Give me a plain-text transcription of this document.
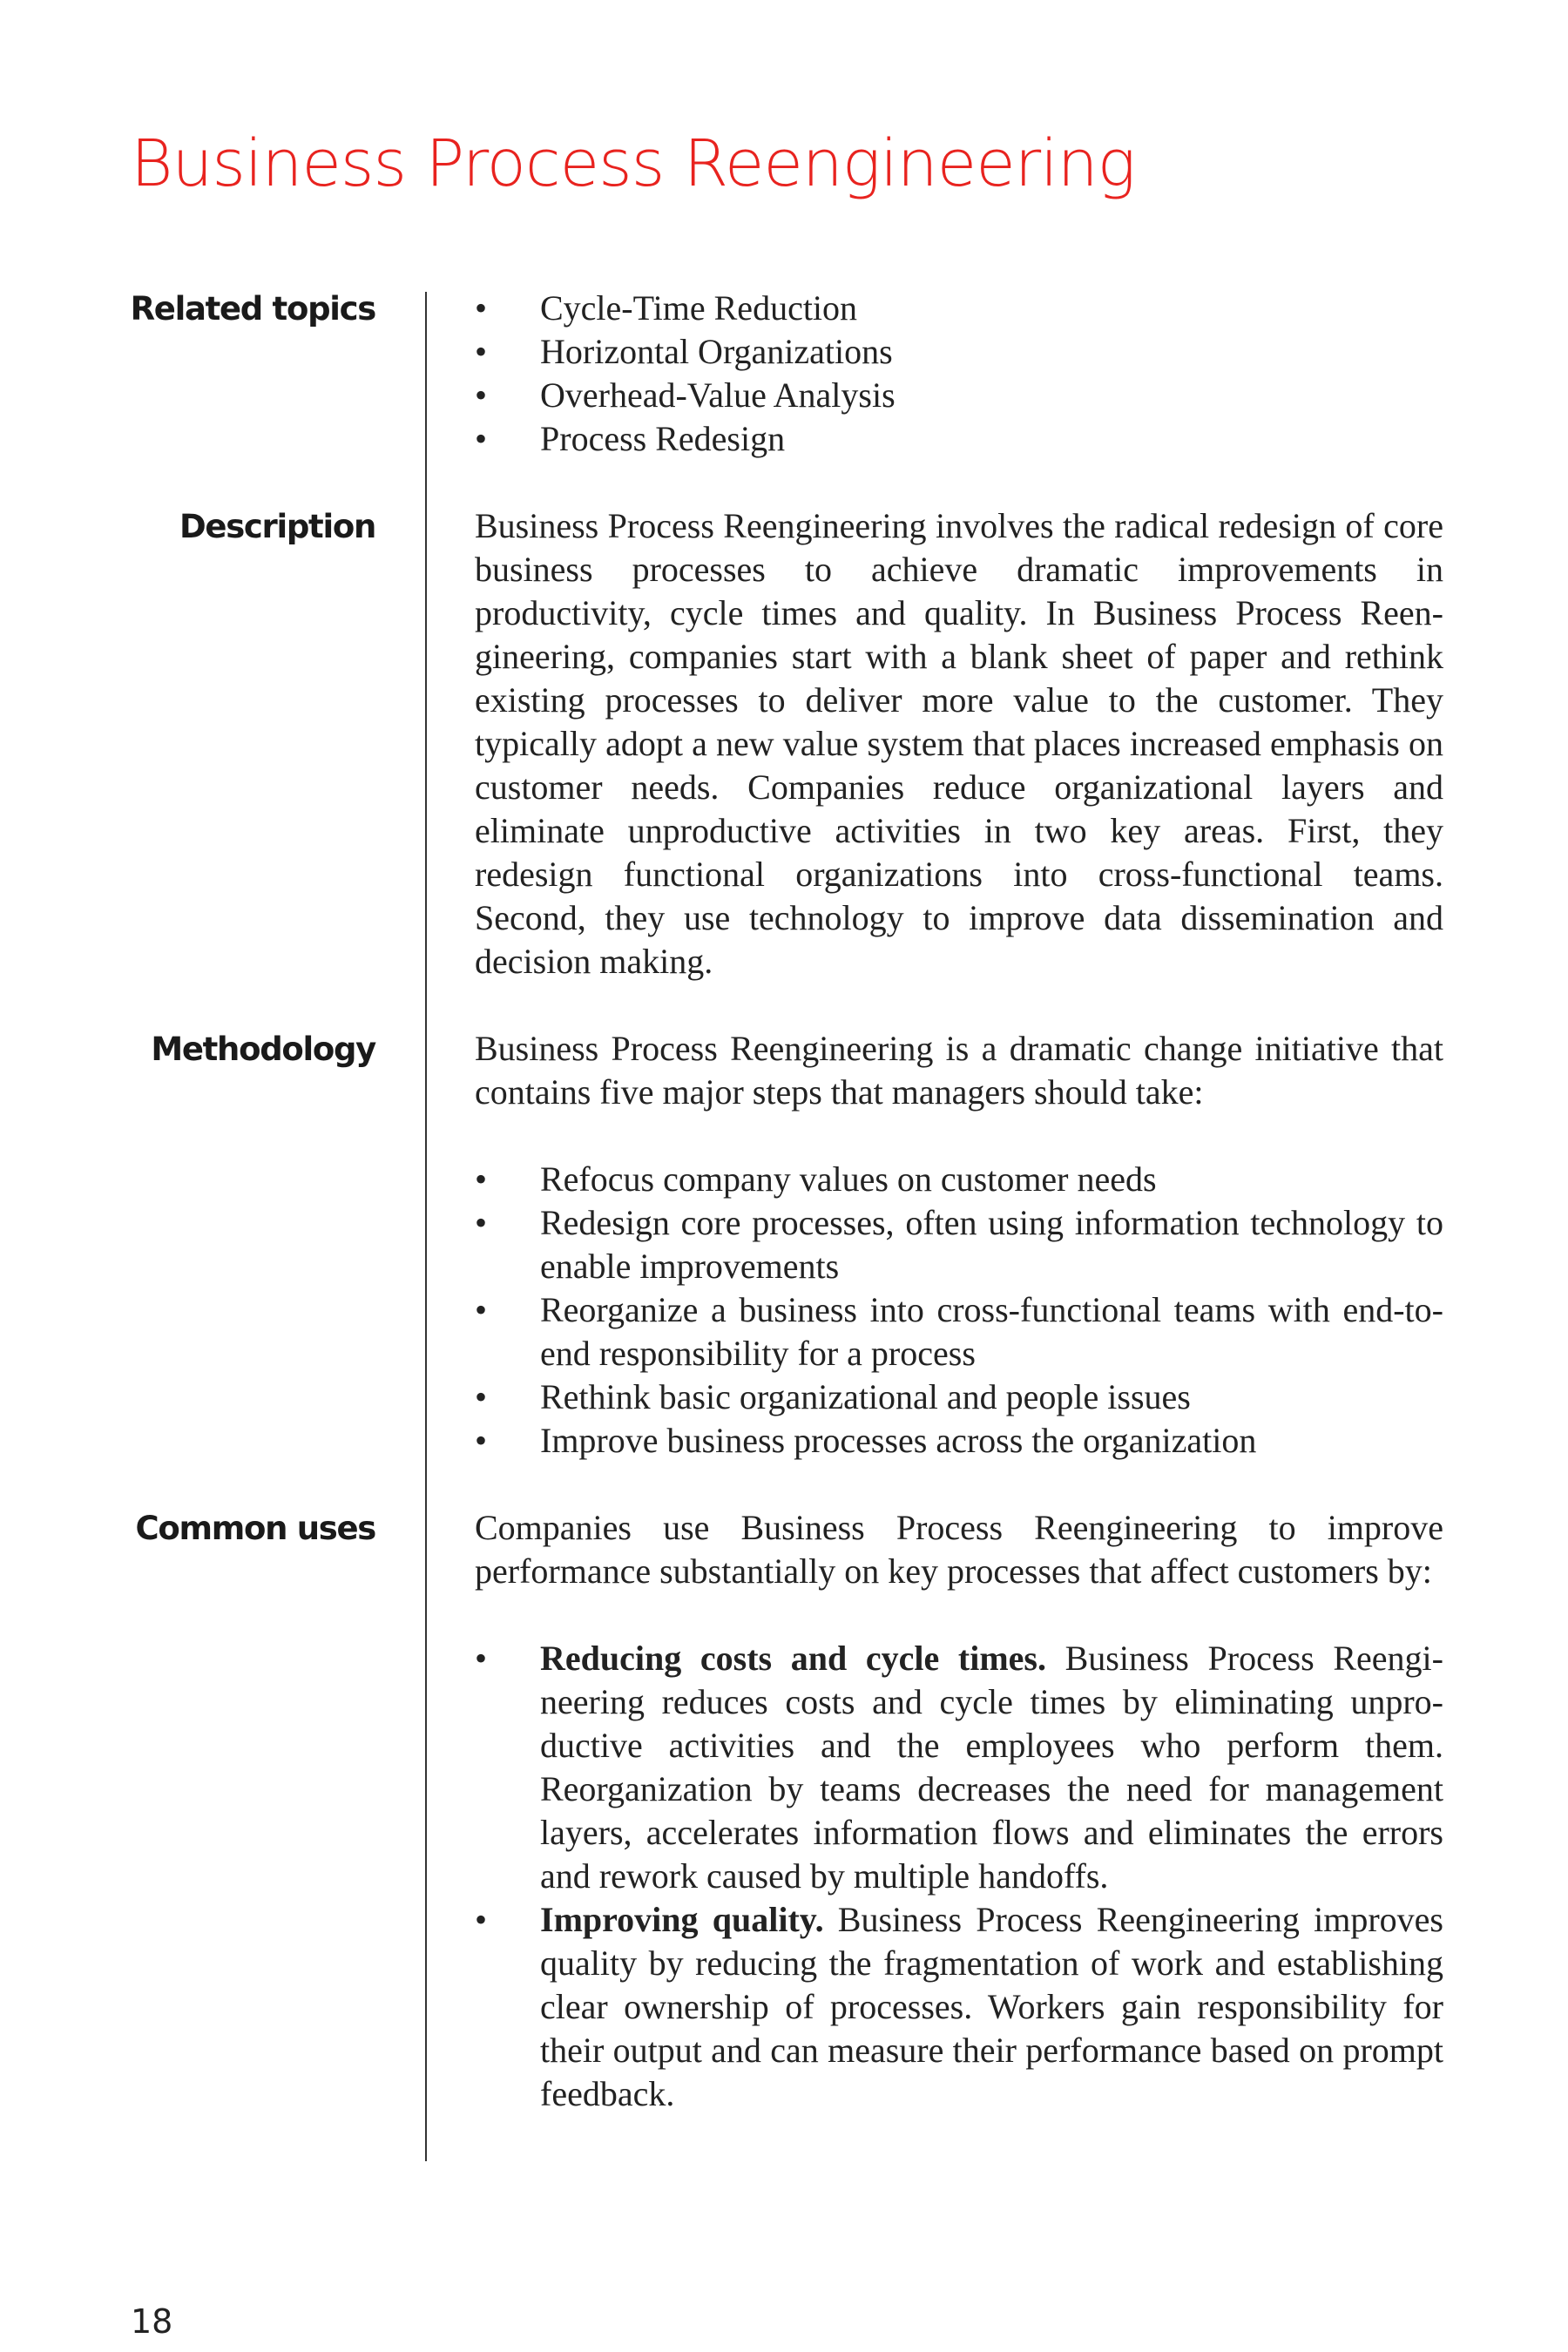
Business Process Reengineering

Related topics	•	Cycle-Time Reduction
•	Horizontal Organizations
•	Overhead-Value Analysis
•	Process Redesign

Description	Business Process Reengineering involves the radical redesign of core business processes to achieve dramatic improvements in productivity, cycle times and quality. In Business Process Reengineering, companies start with a blank sheet of paper and rethink existing processes to deliver more value to the customer. They typically adopt a new value system that places increased emphasis on customer needs. Companies reduce organizational layers and eliminate unproductive activities in two key areas. First, they redesign functional organizations into cross-functional teams. Second, they use technology to improve data dissemination and decision making.

Methodology	Business Process Reengineering is a dramatic change initiative that contains five major steps that managers should take:

•	Refocus company values on customer needs
•	Redesign core processes, often using information technology to enable improvements
•	Reorganize a business into cross-functional teams with end-to-end responsibility for a process
•	Rethink basic organizational and people issues
•	Improve business processes across the organization

Common uses	Companies use Business Process Reengineering to improve performance substantially on key processes that affect customers by:

•	Reducing costs and cycle times. Business Process Reengineering reduces costs and cycle times by eliminating unproductive activities and the employees who perform them. Reorganization by teams decreases the need for management layers, accelerates information flows and eliminates the errors and rework caused by multiple handoffs.
•	Improving quality. Business Process Reengineering improves quality by reducing the fragmentation of work and establishing clear ownership of processes. Workers gain responsibility for their output and can measure their performance based on prompt feedback.

18
